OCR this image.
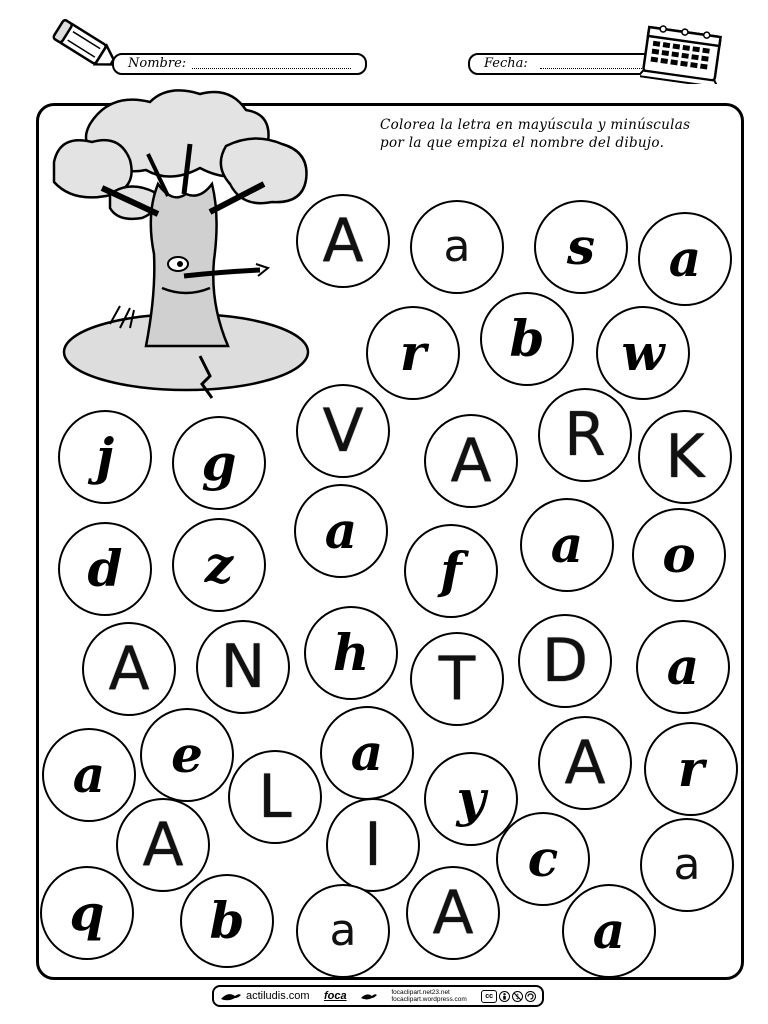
Nombre:	Fecha:
Colorea la letra en mayúscula y minúsculas por la que empiza el nombre del dibujo.
A a s a
r b w
j g V A R K
a
d z	f a o
A N h T D a
a e	a	A r
L	y
A	I	c	a
q b a A a
actiludis.com foca	focaclipart.net23.net
focaclipart.wordpress.com	cc	$
